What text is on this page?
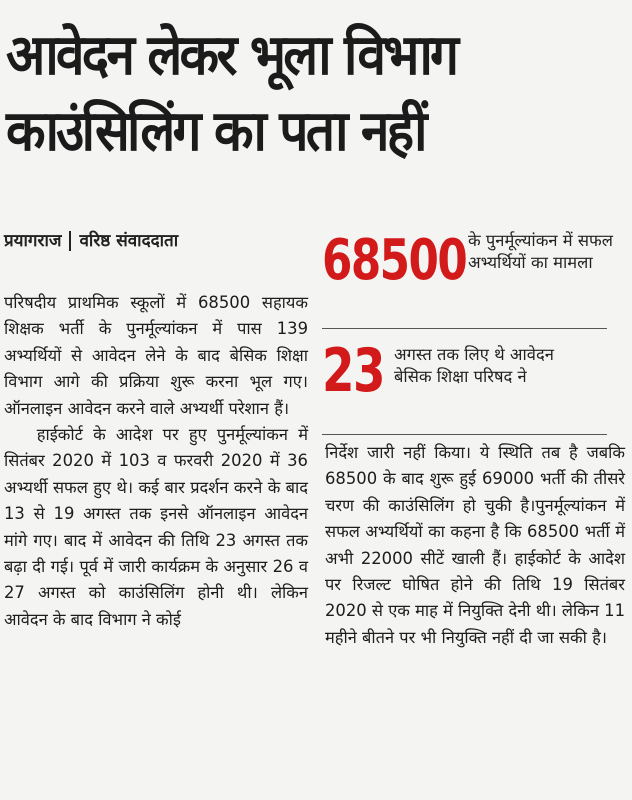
आवेदन लेकर भूला विभाग
काउंसिलिंग का पता नहीं
प्रयागराज वरिष्ठ संवाददाता	68500 के पुनर्मूल्यांकन में सफल अभ्यर्थियों का मामला
23 अगस्त तक लिए थे आवेदन बेसिक शिक्षा परिषद ने

परिषदीय प्राथमिक स्कूलों में 68500 सहायक शिक्षक भर्ती के पुनर्मूल्यांकन में पास 139 अभ्यर्थियों से आवेदन लेने के बाद बेसिक शिक्षा विभाग आगे की प्रक्रिया शुरू करना भूल गए। ऑनलाइन आवेदन करने वाले अभ्यर्थी परेशान हैं।

हाईकोर्ट के आदेश पर हुए पुनर्मूल्यांकन में सितंबर 2020 में 103 व फरवरी 2020 में 36 अभ्यर्थी सफल हुए थे। कई बार प्रदर्शन करने के बाद 13 से 19 अगस्त तक इनसे ऑनलाइन आवेदन मांगे गए। बाद में आवेदन की तिथि 23 अगस्त तक बढ़ा दी गई। पूर्व में जारी कार्यक्रम के अनुसार 26 व 27 अगस्त को काउंसिलिंग होनी थी। लेकिन आवेदन के बाद विभाग ने कोई

निर्देश जारी नहीं किया। ये स्थिति तब है जबकि 68500 के बाद शुरू हुई 69000 भर्ती की तीसरे चरण की काउंसिलिंग हो चुकी है।पुनर्मूल्यांकन में सफल अभ्यर्थियों का कहना है कि 68500 भर्ती में अभी 22000 सीटें खाली हैं। हाईकोर्ट के आदेश पर रिजल्ट घोषित होने की तिथि 19 सितंबर 2020 से एक माह में नियुक्ति देनी थी। लेकिन 11 महीने बीतने पर भी नियुक्ति नहीं दी जा सकी है।
